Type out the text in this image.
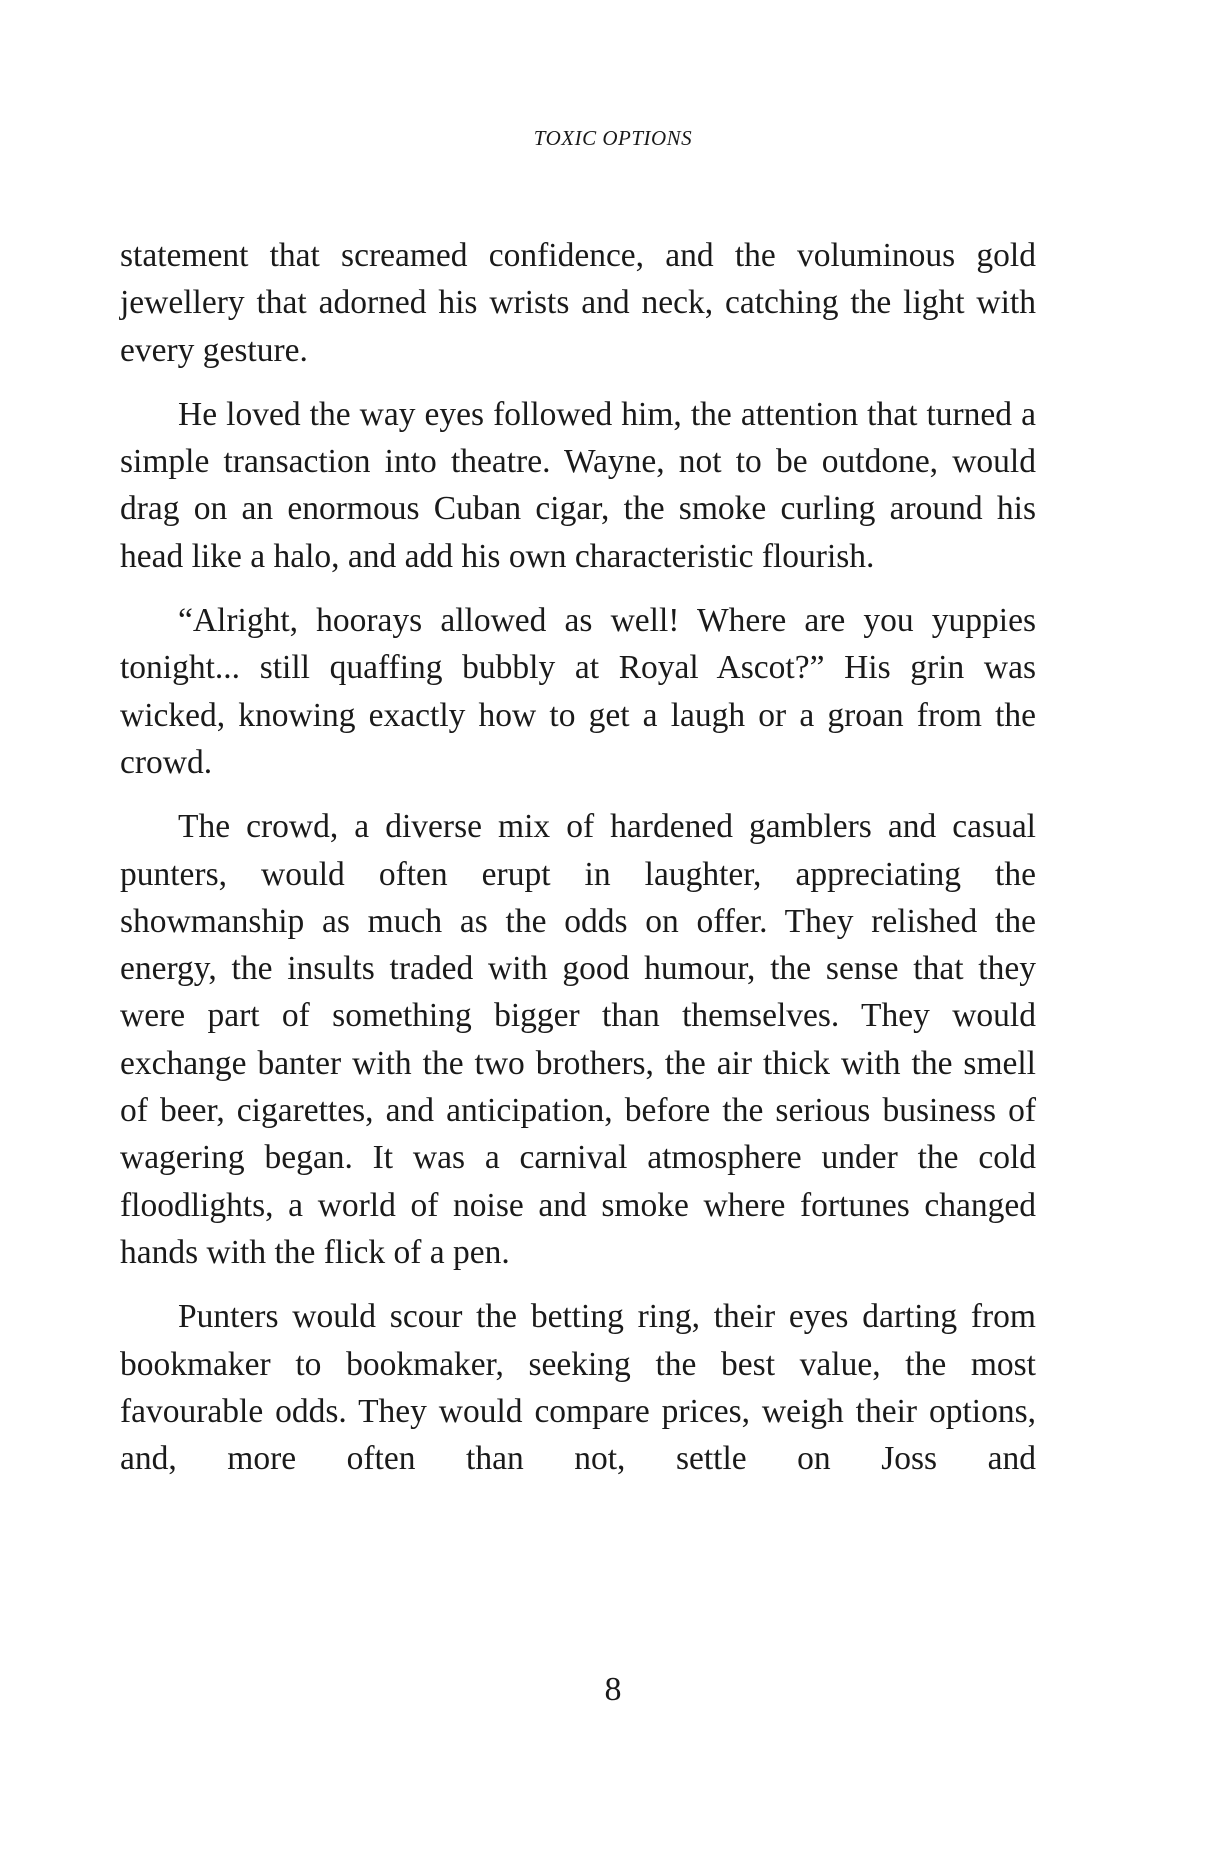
TOXIC OPTIONS

statement that screamed confidence, and the voluminous gold jewellery that adorned his wrists and neck, catching the light with every gesture.

He loved the way eyes followed him, the attention that turned a simple transaction into theatre. Wayne, not to be outdone, would drag on an enormous Cuban cigar, the smoke curling around his head like a halo, and add his own characteristic flourish.

“Alright, hoorays allowed as well! Where are you yuppies tonight... still quaffing bubbly at Royal Ascot?” His grin was wicked, knowing exactly how to get a laugh or a groan from the crowd.

The crowd, a diverse mix of hardened gamblers and casual punters, would often erupt in laughter, appreciating the showmanship as much as the odds on offer. They relished the energy, the insults traded with good humour, the sense that they were part of something bigger than themselves. They would exchange banter with the two brothers, the air thick with the smell of beer, cigarettes, and anticipation, before the serious business of wagering began. It was a carnival atmosphere under the cold floodlights, a world of noise and smoke where fortunes changed hands with the flick of a pen.

Punters would scour the betting ring, their eyes darting from bookmaker to bookmaker, seeking the best value, the most favourable odds. They would compare prices, weigh their options, and, more often than not, settle on Joss and

8
